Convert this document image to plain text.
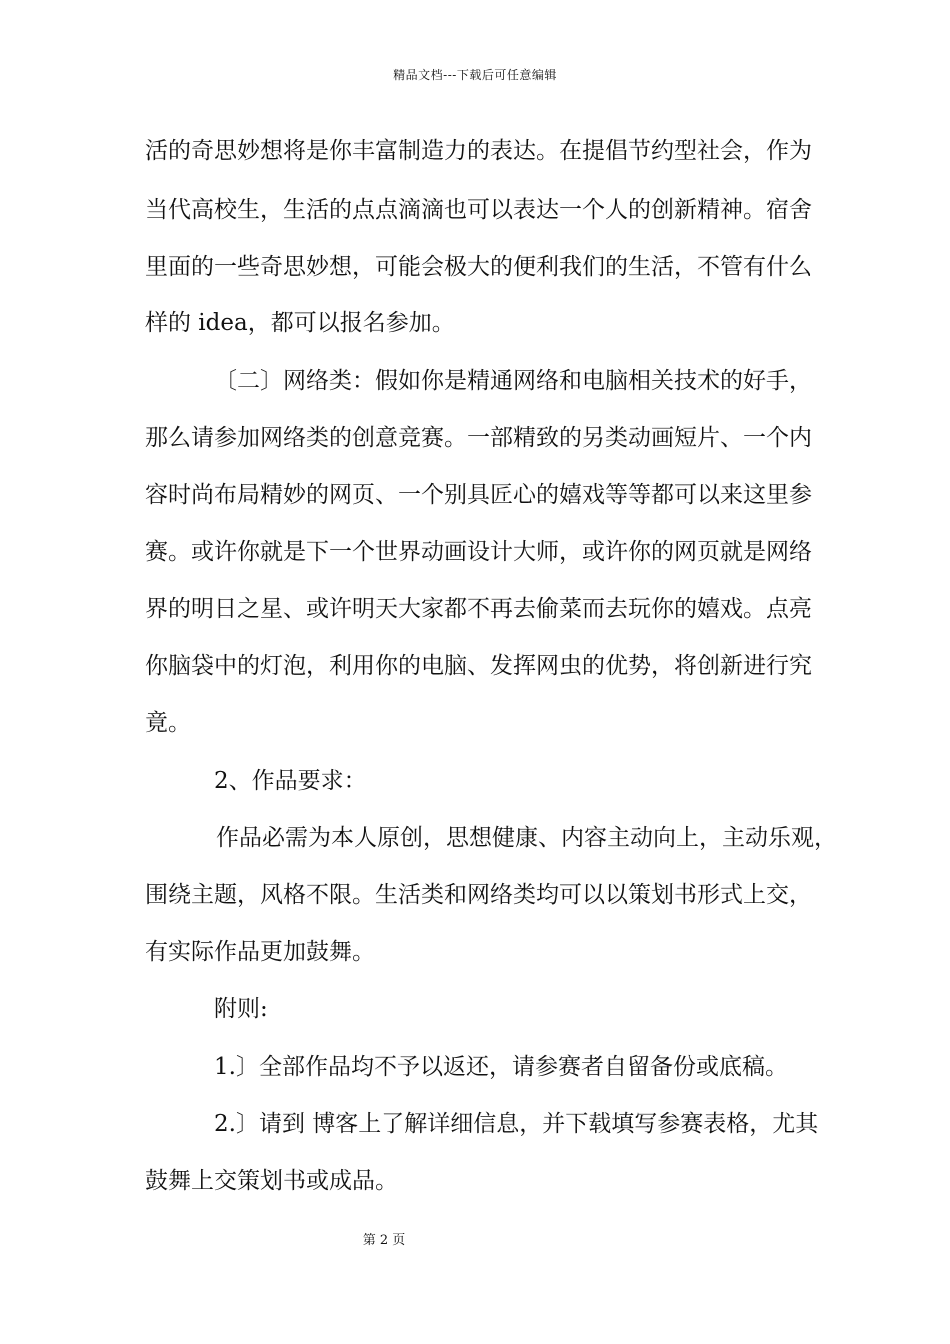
精品文档---下载后可任意编辑
活的奇思妙想将是你丰富制造力的表达。在提倡节约型社会，作为
当代高校生，生活的点点滴滴也可以表达一个人的创新精神。宿舍
里面的一些奇思妙想，可能会极大的便利我们的生活，不管有什么
样的 idea，都可以报名参加。
〔二〕网络类：假如你是精通网络和电脑相关技术的好手，
那么请参加网络类的创意竞赛。一部精致的另类动画短片、一个内
容时尚布局精妙的网页、一个别具匠心的嬉戏等等都可以来这里参
赛。或许你就是下一个世界动画设计大师，或许你的网页就是网络
界的明日之星、或许明天大家都不再去偷菜而去玩你的嬉戏。点亮
你脑袋中的灯泡，利用你的电脑、发挥网虫的优势，将创新进行究
竟。
2、作品要求：
作品必需为本人原创，思想健康、内容主动向上，主动乐观，
围绕主题，风格不限。生活类和网络类均可以以策划书形式上交，
有实际作品更加鼓舞。
附则:
1.〕全部作品均不予以返还，请参赛者自留备份或底稿。
2.〕请到 博客上了解详细信息，并下载填写参赛表格，尤其
鼓舞上交策划书或成品。
第 2 页
